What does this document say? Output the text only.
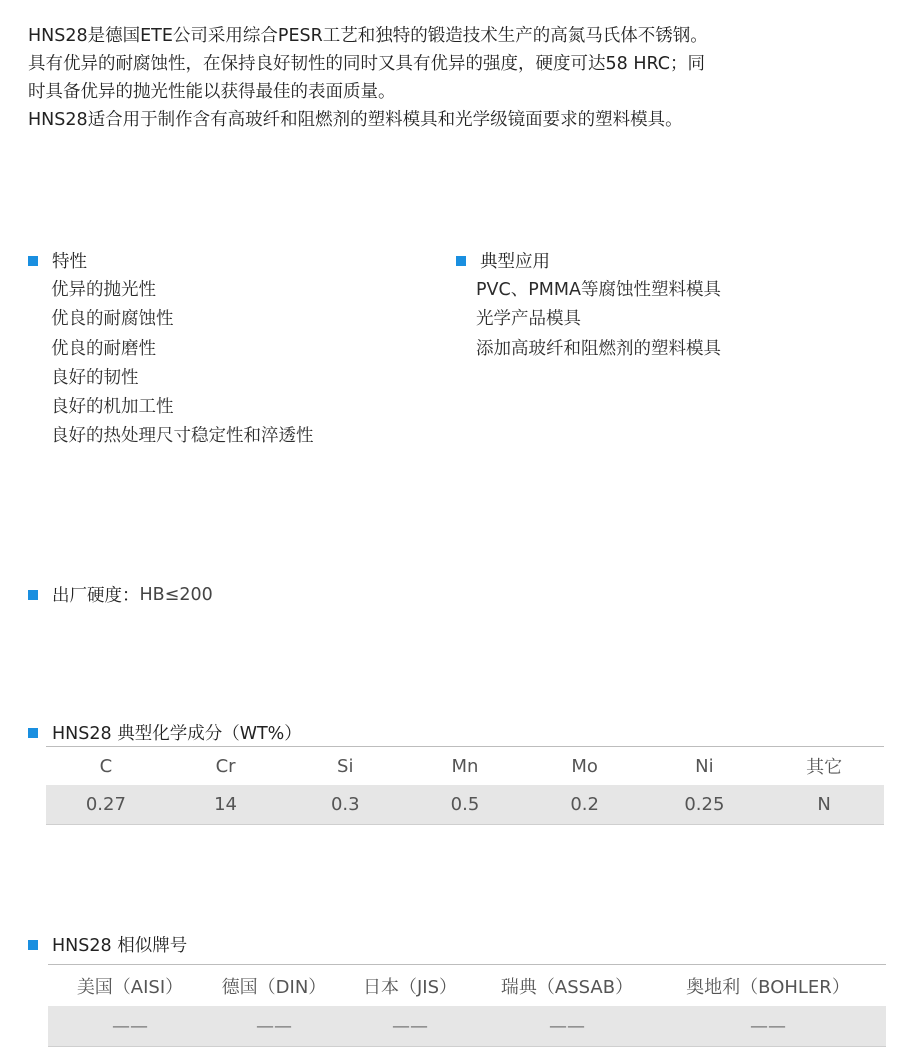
HNS28是德国ETE公司采用综合PESR工艺和独特的锻造技术生产的高氮马氏体不锈钢。

具有优异的耐腐蚀性，在保持良好韧性的同时又具有优异的强度，硬度可达58 HRC；同

时具备优异的抛光性能以获得最佳的表面质量。

HNS28适合用于制作含有高玻纤和阻燃剂的塑料模具和光学级镜面要求的塑料模具。

特性
优异的抛光性
优良的耐腐蚀性
优良的耐磨性
良好的韧性
良好的机加工性
良好的热处理尺寸稳定性和淬透性
典型应用
PVC、PMMA等腐蚀性塑料模具
光学产品模具
添加高玻纤和阻燃剂的塑料模具
出厂硬度： HB≤200
HNS28 典型化学成分（WT%）
C	Cr	Si	Mn	Mo	Ni	其它
0.27	14	0.3	0.5	0.2	0.25	N
HNS28 相似牌号
美国（AISI）	德国（DIN）	日本（JIS）	瑞典（ASSAB）	奥地利（BOHLER）
——	——	——	——	——
